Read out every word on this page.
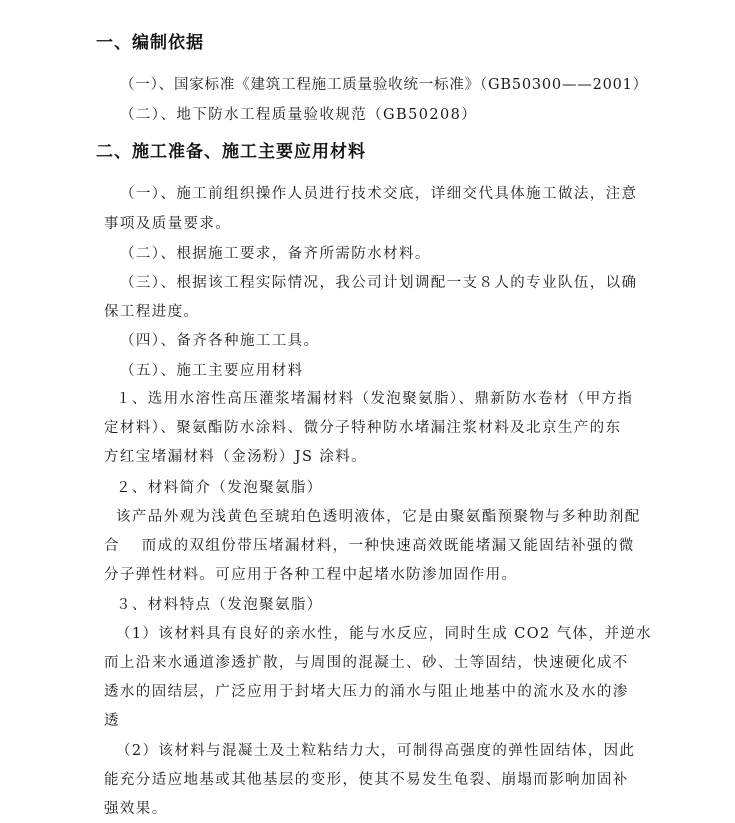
一、编制依据
（一）、国家标准《建筑工程施工质量验收统一标准》（GB50300——2001）
（二）、地下防水工程质量验收规范（GB50208）
二、施工准备、施工主要应用材料
（一）、施工前组织操作人员进行技术交底，详细交代具体施工做法，注意
事项及质量要求。
（二）、根据施工要求，备齐所需防水材料。
（三）、根据该工程实际情况，我公司计划调配一支８人的专业队伍，以确
保工程进度。
（四）、备齐各种施工工具。
（五）、施工主要应用材料
１、选用水溶性高压灌浆堵漏材料（发泡聚氨脂）、鼎新防水卷材（甲方指
定材料）、聚氨酯防水涂料、微分子特种防水堵漏注浆材料及北京生产的东
方红宝堵漏材料（金汤粉）JS 涂料。
２、材料简介（发泡聚氨脂）
该产品外观为浅黄色至琥珀色透明液体，它是由聚氨酯预聚物与多种助剂配
合　 而成的双组份带压堵漏材料，一种快速高效既能堵漏又能固结补强的微
分子弹性材料。可应用于各种工程中起堵水防渗加固作用。
３、材料特点（发泡聚氨脂）
（1）该材料具有良好的亲水性，能与水反应，同时生成 CO2 气体，并逆水
而上沿来水通道渗透扩散，与周围的混凝土、砂、土等固结，快速硬化成不
透水的固结层，广泛应用于封堵大压力的涌水与阻止地基中的流水及水的渗
透
（2）该材料与混凝土及土粒粘结力大，可制得高强度的弹性固结体，因此
能充分适应地基或其他基层的变形，使其不易发生龟裂、崩塌而影响加固补
强效果。
